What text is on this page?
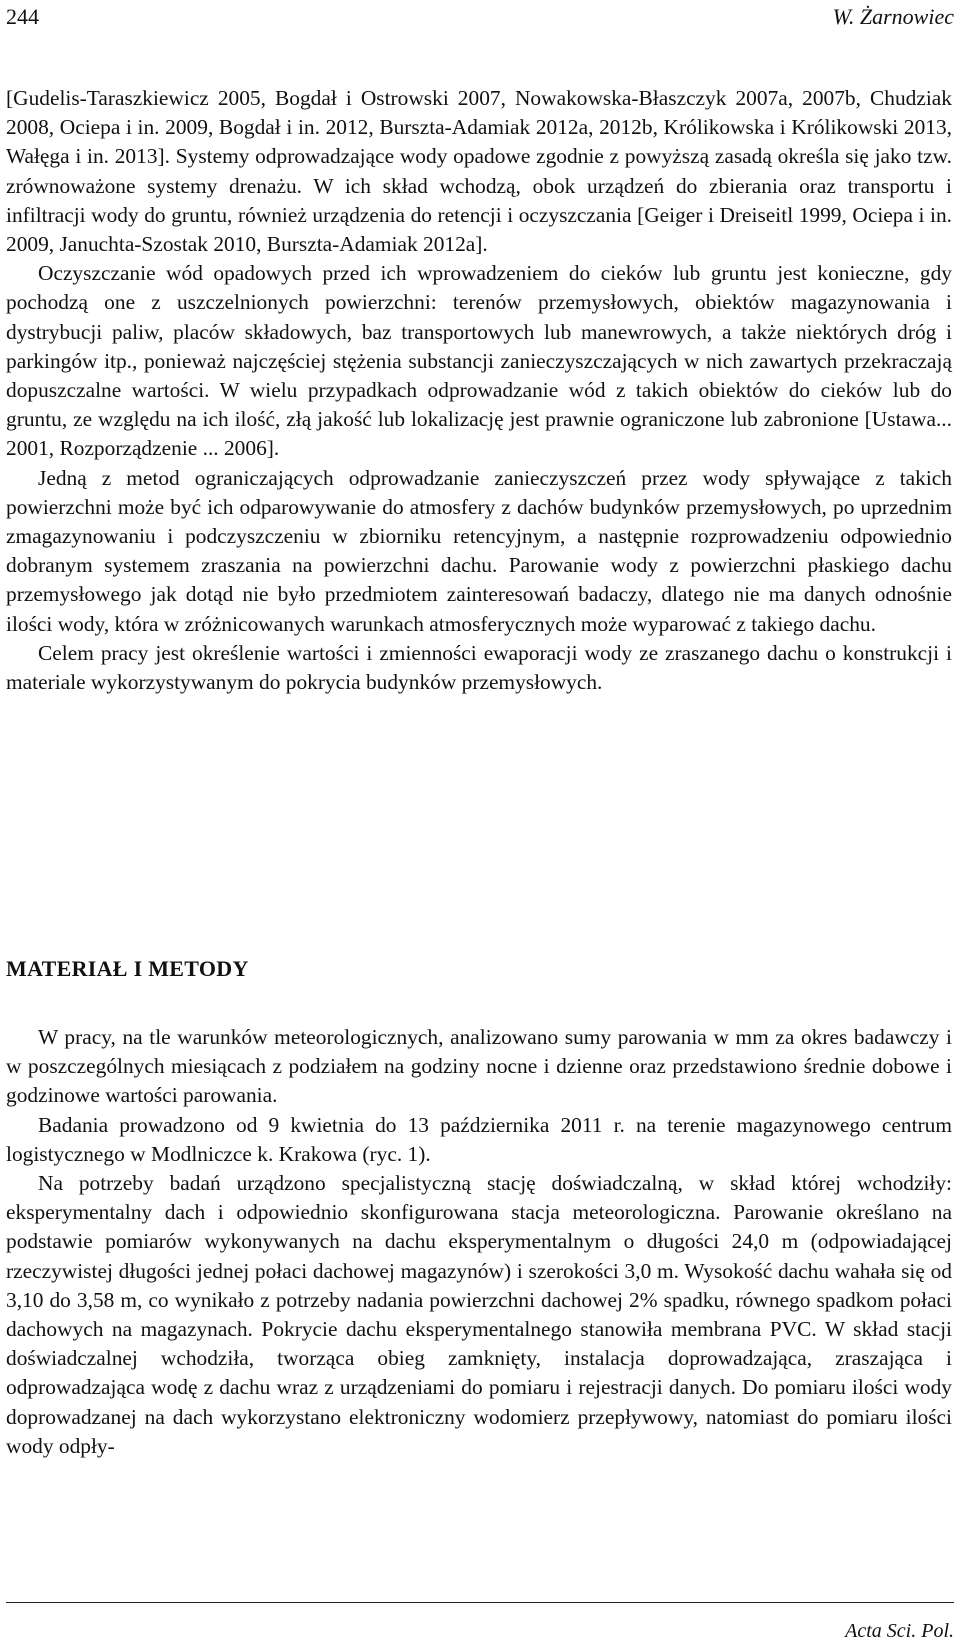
244	W. Żarnowiec

[Gudelis-Taraszkiewicz 2005, Bogdał i Ostrowski 2007, Nowakowska-Błaszczyk 2007a, 2007b, Chudziak 2008, Ociepa i in. 2009, Bogdał i in. 2012, Bursztа-Adamiak 2012a, 2012b, Królikowska i Królikowski 2013, Wałęga i in. 2013]. Systemy odprowadzające wody opadowe zgodnie z powyższą zasadą określa się jako tzw. zrównoważone systemy drenażu. W ich skład wchodzą, obok urządzeń do zbierania oraz transportu i infiltracji wody do gruntu, również urządzenia do retencji i oczyszczania [Geiger i Dreiseitl 1999, Ociepa i in. 2009, Januchta-Szostak 2010, Burszta-Adamiak 2012a].

Oczyszczanie wód opadowych przed ich wprowadzeniem do cieków lub gruntu jest konieczne, gdy pochodzą one z uszczelnionych powierzchni: terenów przemysłowych, obiektów magazynowania i dystrybucji paliw, placów składowych, baz transportowych lub manewrowych, a także niektórych dróg i parkingów itp., ponieważ najczęściej stężenia substancji zanieczyszczających w nich zawartych przekraczają dopuszczalne wartości. W wielu przypadkach odprowadzanie wód z takich obiektów do cieków lub do gruntu, ze względu na ich ilość, złą jakość lub lokalizację jest prawnie ograniczone lub zabronione [Ustawa... 2001, Rozporządzenie ... 2006].

Jedną z metod ograniczających odprowadzanie zanieczyszczeń przez wody spływające z takich powierzchni może być ich odparowywanie do atmosfery z dachów budynków przemysłowych, po uprzednim zmagazynowaniu i podczyszczeniu w zbiorniku retencyjnym, a następnie rozprowadzeniu odpowiednio dobranym systemem zraszania na powierzchni dachu. Parowanie wody z powierzchni płaskiego dachu przemysłowego jak dotąd nie było przedmiotem zainteresowań badaczy, dlatego nie ma danych odnośnie ilości wody, która w zróżnicowanych warunkach atmosferycznych może wyparować z takiego dachu.

Celem pracy jest określenie wartości i zmienności ewaporacji wody ze zraszanego dachu o konstrukcji i materiale wykorzystywanym do pokrycia budynków przemysłowych.

MATERIAŁ I METODY

W pracy, na tle warunków meteorologicznych, analizowano sumy parowania w mm za okres badawczy i w poszczególnych miesiącach z podziałem na godziny nocne i dzienne oraz przedstawiono średnie dobowe i godzinowe wartości parowania.

Badania prowadzono od 9 kwietnia do 13 października 2011 r. na terenie magazynowego centrum logistycznego w Modlniczce k. Krakowa (ryc. 1).

Na potrzeby badań urządzono specjalistyczną stację doświadczalną, w skład której wchodziły: eksperymentalny dach i odpowiednio skonfigurowana stacja meteorologiczna. Parowanie określano na podstawie pomiarów wykonywanych na dachu eksperymentalnym o długości 24,0 m (odpowiadającej rzeczywistej długości jednej połaci dachowej magazynów) i szerokości 3,0 m. Wysokość dachu wahała się od 3,10 do 3,58 m, co wynikało z potrzeby nadania powierzchni dachowej 2% spadku, równego spadkom połaci dachowych na magazynach. Pokrycie dachu eksperymentalnego stanowiła membrana PVC. W skład stacji doświadczalnej wchodziła, tworząca obieg zamknięty, instalacja doprowadzająca, zraszająca i odprowadzająca wodę z dachu wraz z urządzeniami do pomiaru i rejestracji danych. Do pomiaru ilości wody doprowadzanej na dach wykorzystano elektroniczny wodomierz przepływowy, natomiast do pomiaru ilości wody odpły-

Acta Sci. Pol.
